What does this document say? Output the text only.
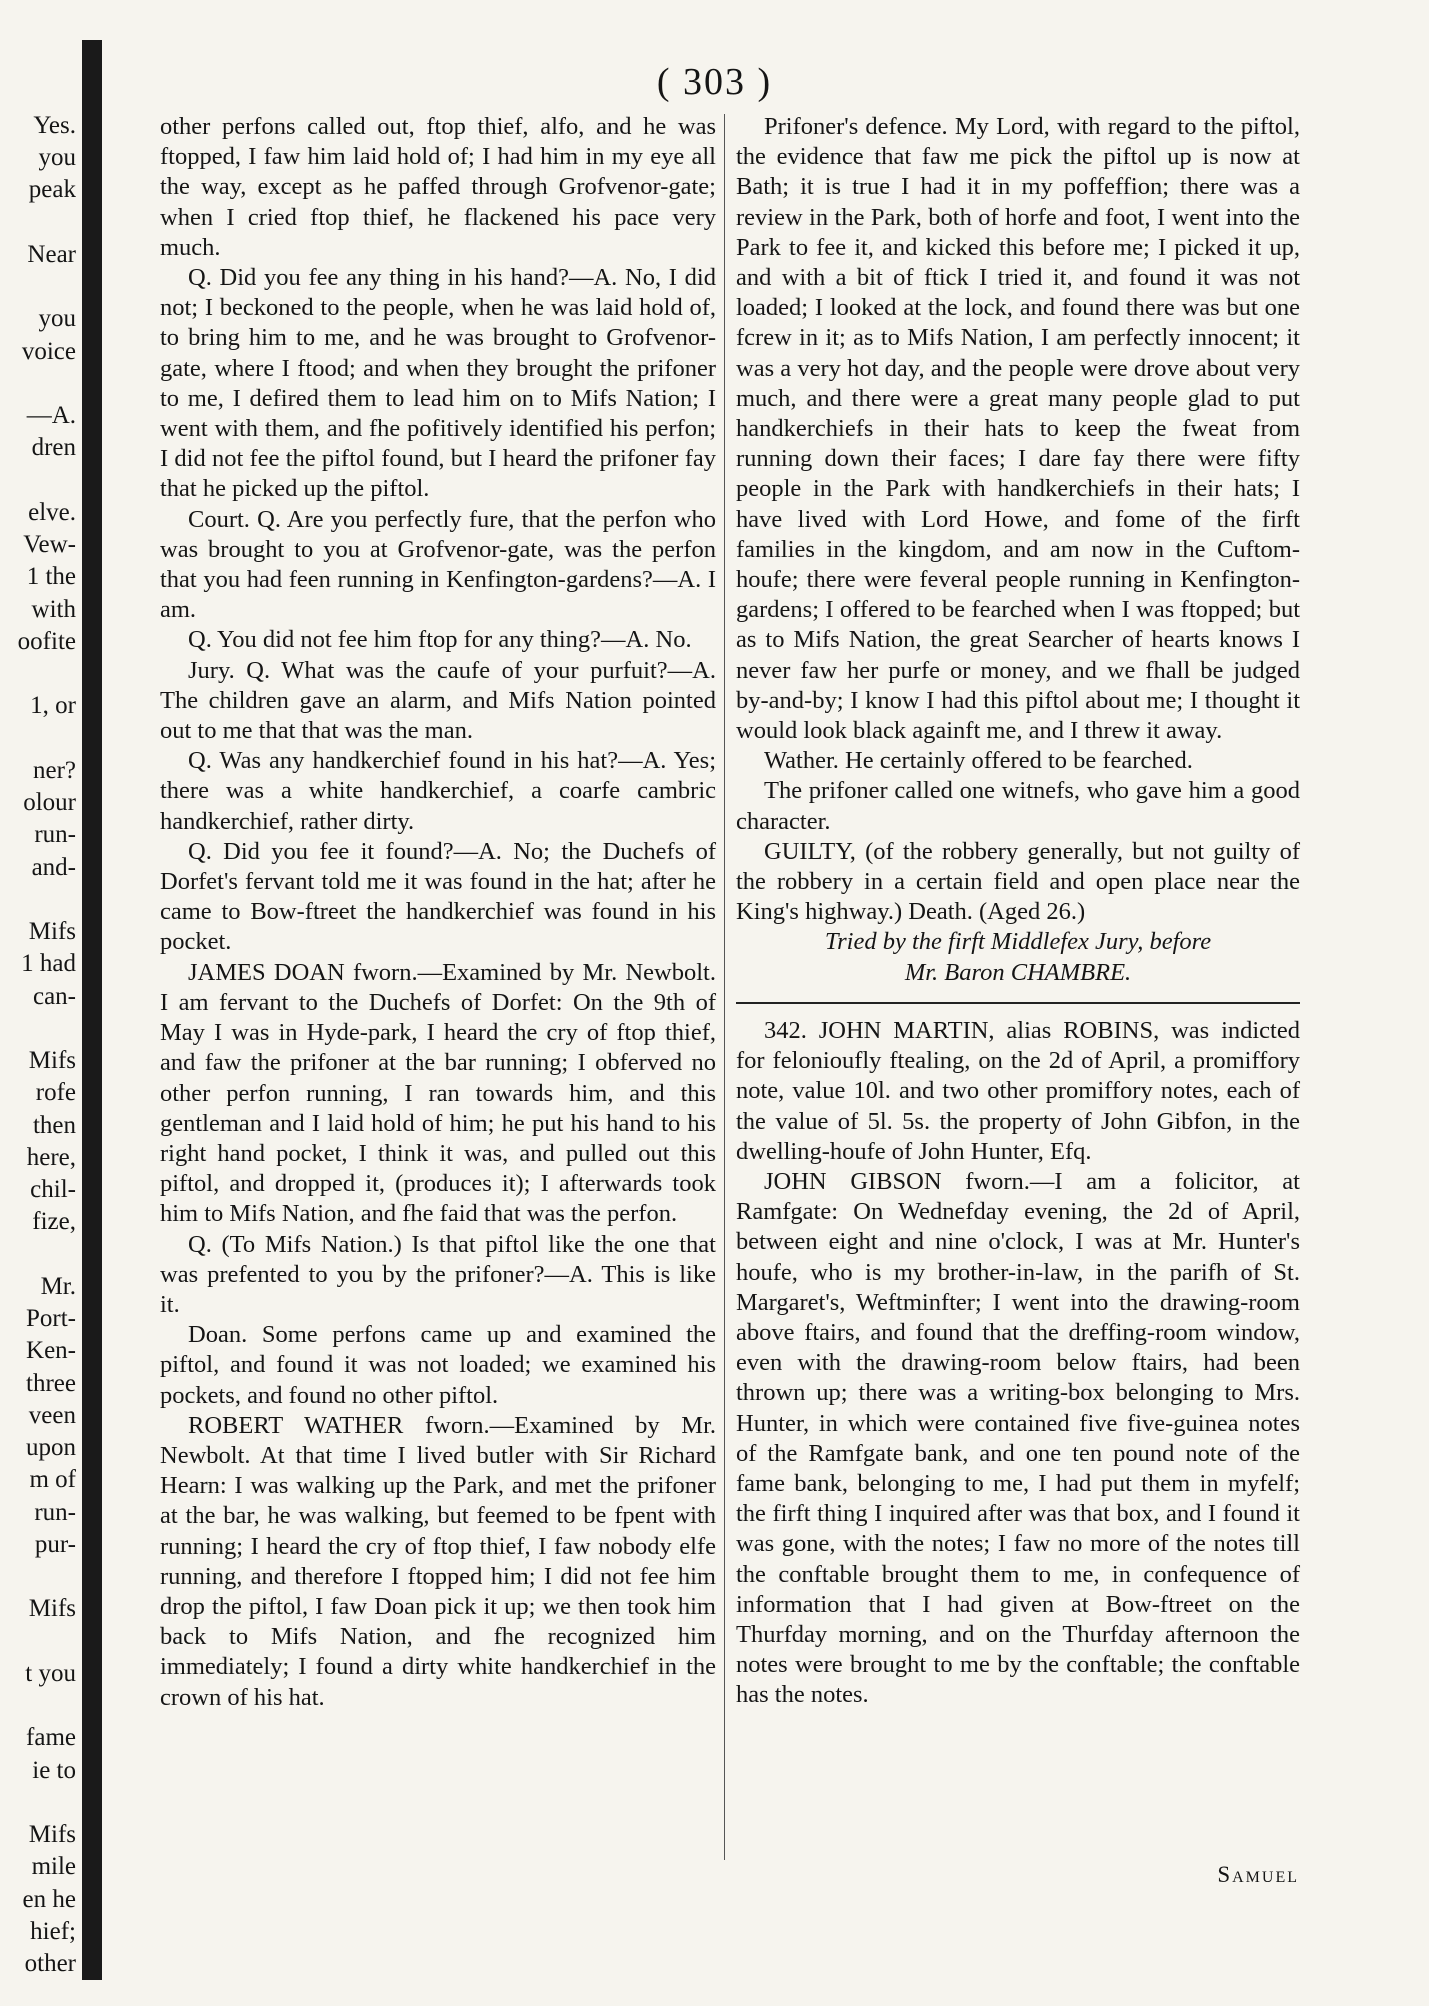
( 303 )
Yes.
you
peak
Near
you
voice
—A.
dren
elve.
Vew-
1 the
with
oofite
1, or
ner?
olour
run-
and-
Mifs
1 had
can-
Mifs
rofe
then
here,
chil-
fize,
Mr.
Port-
Ken-
three
veen
upon
m of
run-
pur-
Mifs
t you
fame
ie to
Mifs
mile
en he
hief;
other

other perfons called out, ftop thief, alfo, and he was ftopped, I faw him laid hold of; I had him in my eye all the way, except as he paffed through Grofvenor-gate; when I cried ftop thief, he flackened his pace very much.

Q. Did you fee any thing in his hand?—A. No, I did not; I beckoned to the people, when he was laid hold of, to bring him to me, and he was brought to Grofvenor-gate, where I ftood; and when they brought the prifoner to me, I defired them to lead him on to Mifs Nation; I went with them, and fhe pofitively identified his perfon; I did not fee the piftol found, but I heard the prifoner fay that he picked up the piftol.

Court. Q. Are you perfectly fure, that the perfon who was brought to you at Grofvenor-gate, was the perfon that you had feen running in Kenfington-gardens?—A. I am.

Q. You did not fee him ftop for any thing?—A. No.

Jury. Q. What was the caufe of your purfuit?—A. The children gave an alarm, and Mifs Nation pointed out to me that that was the man.

Q. Was any handkerchief found in his hat?—A. Yes; there was a white handkerchief, a coarfe cambric handkerchief, rather dirty.

Q. Did you fee it found?—A. No; the Duchefs of Dorfet's fervant told me it was found in the hat; after he came to Bow-ftreet the handkerchief was found in his pocket.

JAMES DOAN fworn.—Examined by Mr. Newbolt. I am fervant to the Duchefs of Dorfet: On the 9th of May I was in Hyde-park, I heard the cry of ftop thief, and faw the prifoner at the bar running; I obferved no other perfon running, I ran towards him, and this gentleman and I laid hold of him; he put his hand to his right hand pocket, I think it was, and pulled out this piftol, and dropped it, (produces it); I afterwards took him to Mifs Nation, and fhe faid that was the perfon.

Q. (To Mifs Nation.) Is that piftol like the one that was prefented to you by the prifoner?—A. This is like it.

Doan. Some perfons came up and examined the piftol, and found it was not loaded; we examined his pockets, and found no other piftol.

ROBERT WATHER fworn.—Examined by Mr. Newbolt. At that time I lived butler with Sir Richard Hearn: I was walking up the Park, and met the prifoner at the bar, he was walking, but feemed to be fpent with running; I heard the cry of ftop thief, I faw nobody elfe running, and therefore I ftopped him; I did not fee him drop the piftol, I faw Doan pick it up; we then took him back to Mifs Nation, and fhe recognized him immediately; I found a dirty white handkerchief in the crown of his hat.

Prifoner's defence. My Lord, with regard to the piftol, the evidence that faw me pick the piftol up is now at Bath; it is true I had it in my poffeffion; there was a review in the Park, both of horfe and foot, I went into the Park to fee it, and kicked this before me; I picked it up, and with a bit of ftick I tried it, and found it was not loaded; I looked at the lock, and found there was but one fcrew in it; as to Mifs Nation, I am perfectly innocent; it was a very hot day, and the people were drove about very much, and there were a great many people glad to put handkerchiefs in their hats to keep the fweat from running down their faces; I dare fay there were fifty people in the Park with handkerchiefs in their hats; I have lived with Lord Howe, and fome of the firft families in the kingdom, and am now in the Cuftom-houfe; there were feveral people running in Kenfington-gardens; I offered to be fearched when I was ftopped; but as to Mifs Nation, the great Searcher of hearts knows I never faw her purfe or money, and we fhall be judged by-and-by; I know I had this piftol about me; I thought it would look black againft me, and I threw it away.

Wather. He certainly offered to be fearched.

The prifoner called one witnefs, who gave him a good character.

GUILTY, (of the robbery generally, but not guilty of the robbery in a certain field and open place near the King's highway.) Death. (Aged 26.)

Tried by the firft Middlefex Jury, before

Mr. Baron CHAMBRE.

342. JOHN MARTIN, alias ROBINS, was indicted for felonioufly ftealing, on the 2d of April, a promiffory note, value 10l. and two other promiffory notes, each of the value of 5l. 5s. the property of John Gibfon, in the dwelling-houfe of John Hunter, Efq.

JOHN GIBSON fworn.—I am a folicitor, at Ramfgate: On Wednefday evening, the 2d of April, between eight and nine o'clock, I was at Mr. Hunter's houfe, who is my brother-in-law, in the parifh of St. Margaret's, Weftminfter; I went into the drawing-room above ftairs, and found that the dreffing-room window, even with the drawing-room below ftairs, had been thrown up; there was a writing-box belonging to Mrs. Hunter, in which were contained five five-guinea notes of the Ramfgate bank, and one ten pound note of the fame bank, belonging to me, I had put them in myfelf; the firft thing I inquired after was that box, and I found it was gone, with the notes; I faw no more of the notes till the conftable brought them to me, in confequence of information that I had given at Bow-ftreet on the Thurfday morning, and on the Thurfday afternoon the notes were brought to me by the conftable; the conftable has the notes.

Samuel
